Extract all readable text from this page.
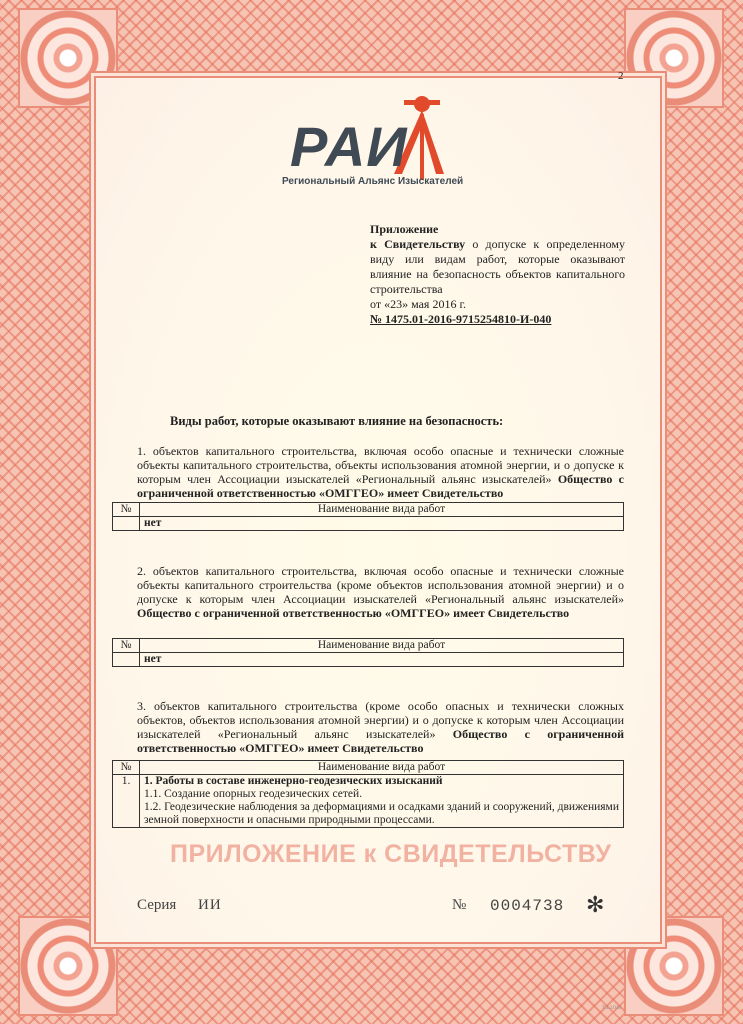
2
РАИ
Региональный Альянс Изыскателей
Приложение
к Свидетельству о допуске к определенному виду или видам работ, которые оказывают влияние на безопасность объектов капитального строительства
от «23» мая 2016 г.
№ 1475.01-2016-9715254810-И-040
Виды работ, которые оказывают влияние на безопасность:
1. объектов капитального строительства, включая особо опасные и технически сложные объекты капитального строительства, объекты использования атомной энергии, и о допуске к которым член Ассоциации изыскателей «Региональный альянс изыскателей» Общество с ограниченной ответственностью «ОМГГЕО» имеет Свидетельство
№	Наименование вида работ
	нет
2. объектов капитального строительства, включая особо опасные и технически сложные объекты капитального строительства (кроме объектов использования атомной энергии) и о допуске к которым член Ассоциации изыскателей «Региональный альянс изыскателей» Общество с ограниченной ответственностью «ОМГГЕО» имеет Свидетельство
№	Наименование вида работ
	нет
3. объектов капитального строительства (кроме особо опасных и технически сложных объектов, объектов использования атомной энергии) и о допуске к которым член Ассоциации изыскателей «Региональный альянс изыскателей» Общество с ограниченной ответственностью «ОМГГЕО» имеет Свидетельство
№	Наименование вида работ
1.	1. Работы в составе инженерно-геодезических изысканий
1.1. Создание опорных геодезических сетей.
1.2. Геодезические наблюдения за деформациями и осадками зданий и сооружений, движениями земной поверхности и опасными природными процессами.
ПРИЛОЖЕНИЕ к СВИДЕТЕЛЬСТВУ
Серия ИИ	№ 0004738 ✻
Т.3.2.016
